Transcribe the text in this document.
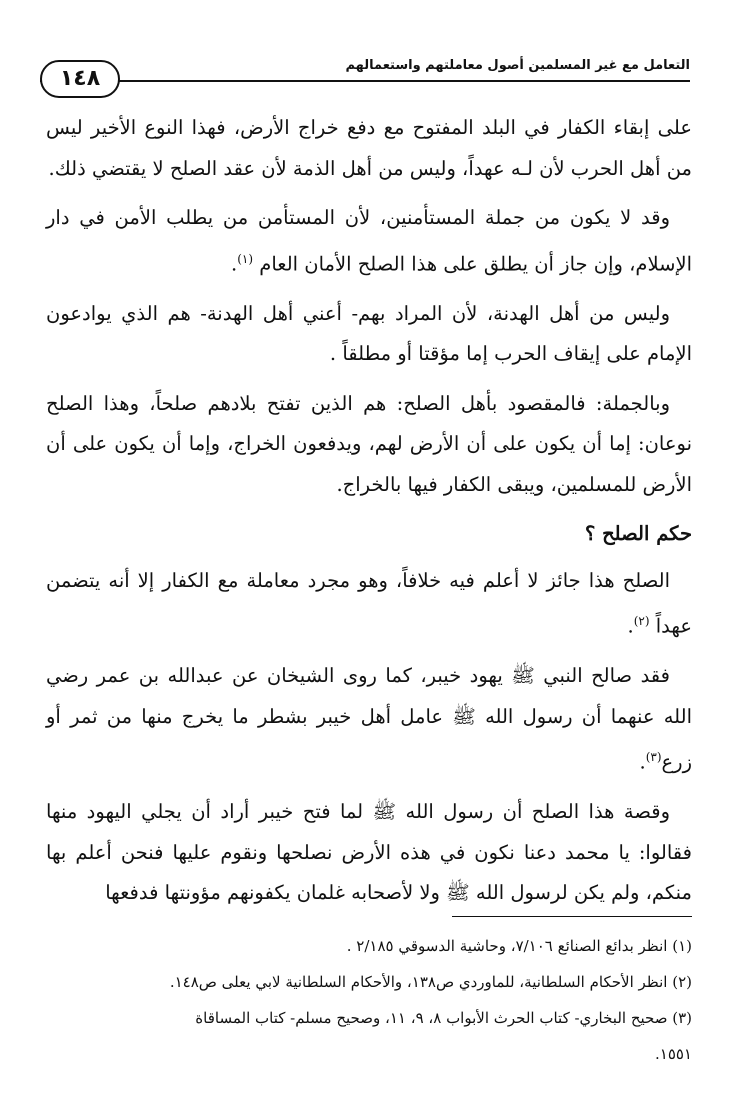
التعامل مع غير المسلمين أصول معاملتهم واستعمالهم
١٤٨

على إبقاء الكفار في البلد المفتوح مع دفع خراج الأرض، فهذا النوع الأخير ليس من أهل الحرب لأن لـه عهداً، وليس من أهل الذمة لأن عقد الصلح لا يقتضي ذلك.

وقد لا يكون من جملة المستأمنين، لأن المستأمن من يطلب الأمن في دار الإسلام، وإن جاز أن يطلق على هذا الصلح الأمان العام $^{(١)}$.

وليس من أهل الهدنة، لأن المراد بهم- أعني أهل الهدنة- هم الذي يوادعون الإمام على إيقاف الحرب إما مؤقتا أو مطلقاً .

وبالجملة: فالمقصود بأهل الصلح: هم الذين تفتح بلادهم صلحاً، وهذا الصلح نوعان: إما أن يكون على أن الأرض لهم، ويدفعون الخراج، وإما أن يكون على أن الأرض للمسلمين، ويبقى الكفار فيها بالخراج.

حكم الصلح ؟

الصلح هذا جائز لا أعلم فيه خلافاً، وهو مجرد معاملة مع الكفار إلا أنه يتضمن عهداً $^{(٢)}$.

فقد صالح النبي ﷺ يهود خيبر، كما روى الشيخان عن عبدالله بن عمر رضي الله عنهما أن رسول الله ﷺ عامل أهل خيبر بشطر ما يخرج منها من ثمر أو زرع$^{(٣)}$.

وقصة هذا الصلح أن رسول الله ﷺ لما فتح خيبر أراد أن يجلي اليهود منها فقالوا: يا محمد دعنا نكون في هذه الأرض نصلحها ونقوم عليها فنحن أعلم بها منكم، ولم يكن لرسول الله ﷺ ولا لأصحابه غلمان يكفونهم مؤونتها فدفعها

(١) انظر بدائع الصنائع ٧/١٠٦، وحاشية الدسوقي ٢/١٨٥ .

(٢) انظر الأحكام السلطانية، للماوردي ص١٣٨، والأحكام السلطانية لابي يعلى ص١٤٨.

(٣) صحيح البخاري- كتاب الحرث الأبواب ٨، ٩، ١١، وصحيح مسلم- كتاب المساقاة

١٥٥١.
